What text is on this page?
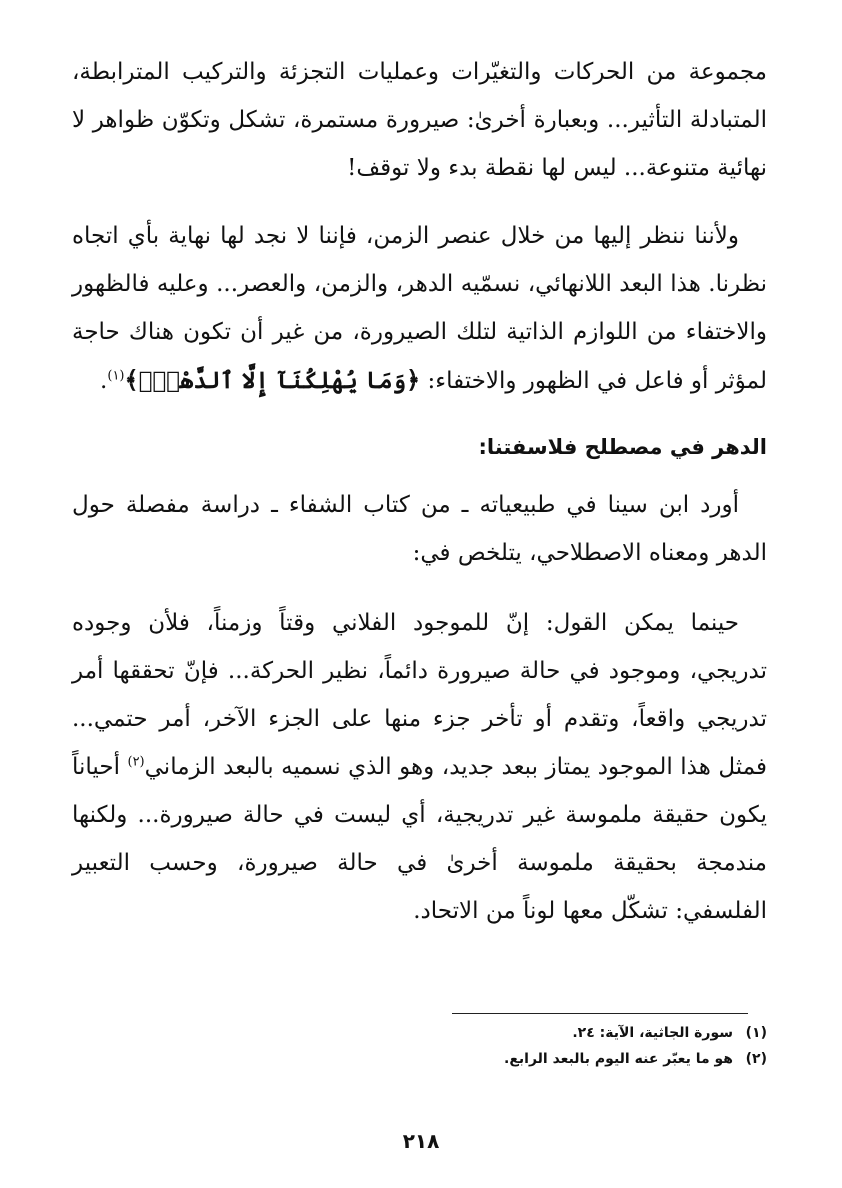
مجموعة من الحركات والتغيّرات وعمليات التجزئة والتركيب المترابطة، المتبادلة التأثير... وبعبارة أخرىٰ: صيرورة مستمرة، تشكل وتكوّن ظواهر لا نهائية متنوعة... ليس لها نقطة بدء ولا توقف!

ولأننا ننظر إليها من خلال عنصر الزمن، فإننا لا نجد لها نهاية بأي اتجاه نظرنا. هذا البعد اللانهائي، نسمّيه الدهر، والزمن، والعصر... وعليه فالظهور والاختفاء من اللوازم الذاتية لتلك الصيرورة، من غير أن تكون هناك حاجة لمؤثر أو فاعل في الظهور والاختفاء: ﴿وَمَا يُهْلِكُنَآ إِلَّا ٱلدَّهْرُۚ﴾$^{(١)}$.

الدهر في مصطلح فلاسفتنا:

أورد ابن سينا في طبيعياته ـ من كتاب الشفاء ـ دراسة مفصلة حول الدهر ومعناه الاصطلاحي، يتلخص في:

حينما يمكن القول: إنّ للموجود الفلاني وقتاً وزمناً، فلأن وجوده تدريجي، وموجود في حالة صيرورة دائماً، نظير الحركة... فإنّ تحققها أمر تدريجي واقعاً، وتقدم أو تأخر جزء منها على الجزء الآخر، أمر حتمي... فمثل هذا الموجود يمتاز ببعد جديد، وهو الذي نسميه بالبعد الزماني$^{(٢)}$ أحياناً يكون حقيقة ملموسة غير تدريجية، أي ليست في حالة صيرورة... ولكنها مندمجة بحقيقة ملموسة أخرىٰ في حالة صيرورة، وحسب التعبير الفلسفي: تشكّل معها لوناً من الاتحاد.

(١)سورة الجاثية، الآية: ٢٤.
(٢)هو ما يعبّر عنه اليوم بالبعد الرابع.
٢١٨
